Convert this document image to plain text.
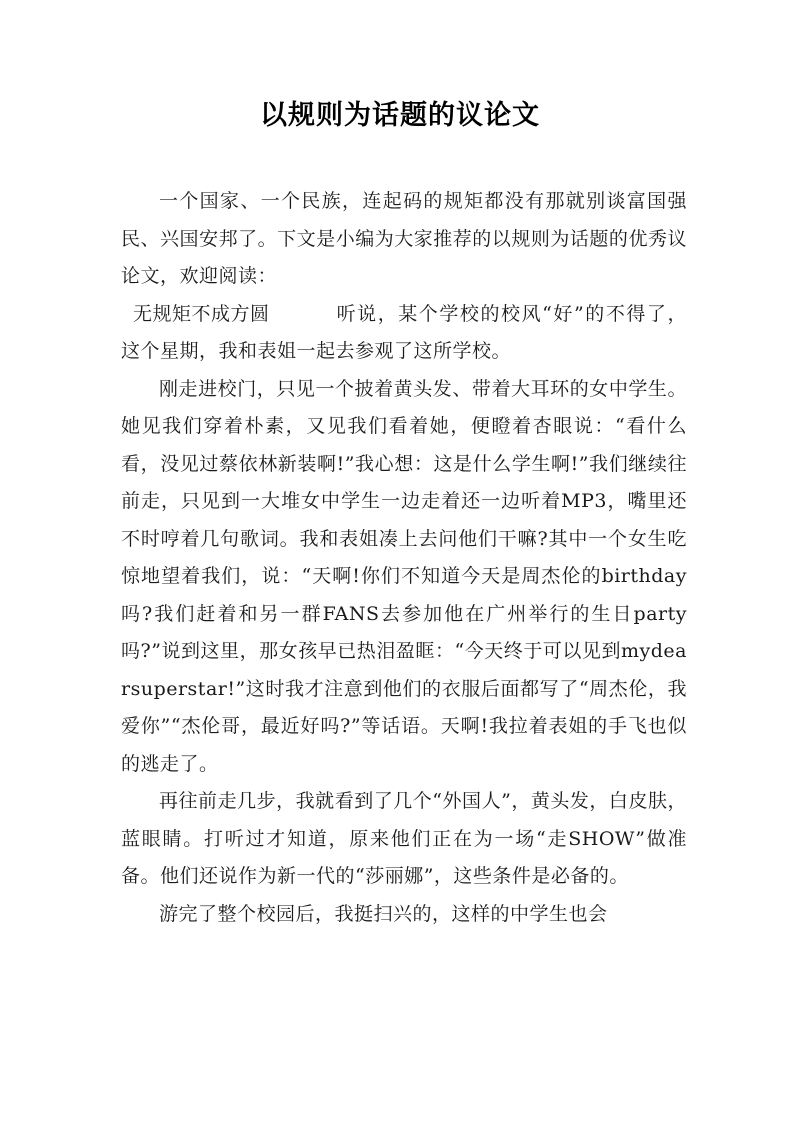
以规则为话题的议论文

一个国家、一个民族，连起码的规矩都没有那就别谈富国强民、兴国安邦了。下文是小编为大家推荐的以规则为话题的优秀议论文，欢迎阅读：

无规矩不成方圆	听说，某个学校的校风“好”的不得了，这个星期，我和表姐一起去参观了这所学校。

刚走进校门，只见一个披着黄头发、带着大耳环的女中学生。她见我们穿着朴素，又见我们看着她，便瞪着杏眼说：“看什么看，没见过蔡依林新装啊!”我心想：这是什么学生啊!”我们继续往前走，只见到一大堆女中学生一边走着还一边听着MP3，嘴里还不时哼着几句歌词。我和表姐凑上去问他们干嘛?其中一个女生吃惊地望着我们，说：“天啊!你们不知道今天是周杰伦的birthday吗?我们赶着和另一群FANS去参加他在广州举行的生日party吗?”说到这里，那女孩早已热泪盈眶：“今天终于可以见到mydearsuperstar!”这时我才注意到他们的衣服后面都写了“周杰伦，我爱你”“杰伦哥，最近好吗?”等话语。天啊!我拉着表姐的手飞也似的逃走了。

再往前走几步，我就看到了几个“外国人”，黄头发，白皮肤，蓝眼睛。打听过才知道，原来他们正在为一场“走SHOW”做准备。他们还说作为新一代的“莎丽娜”，这些条件是必备的。

游完了整个校园后，我挺扫兴的，这样的中学生也会
